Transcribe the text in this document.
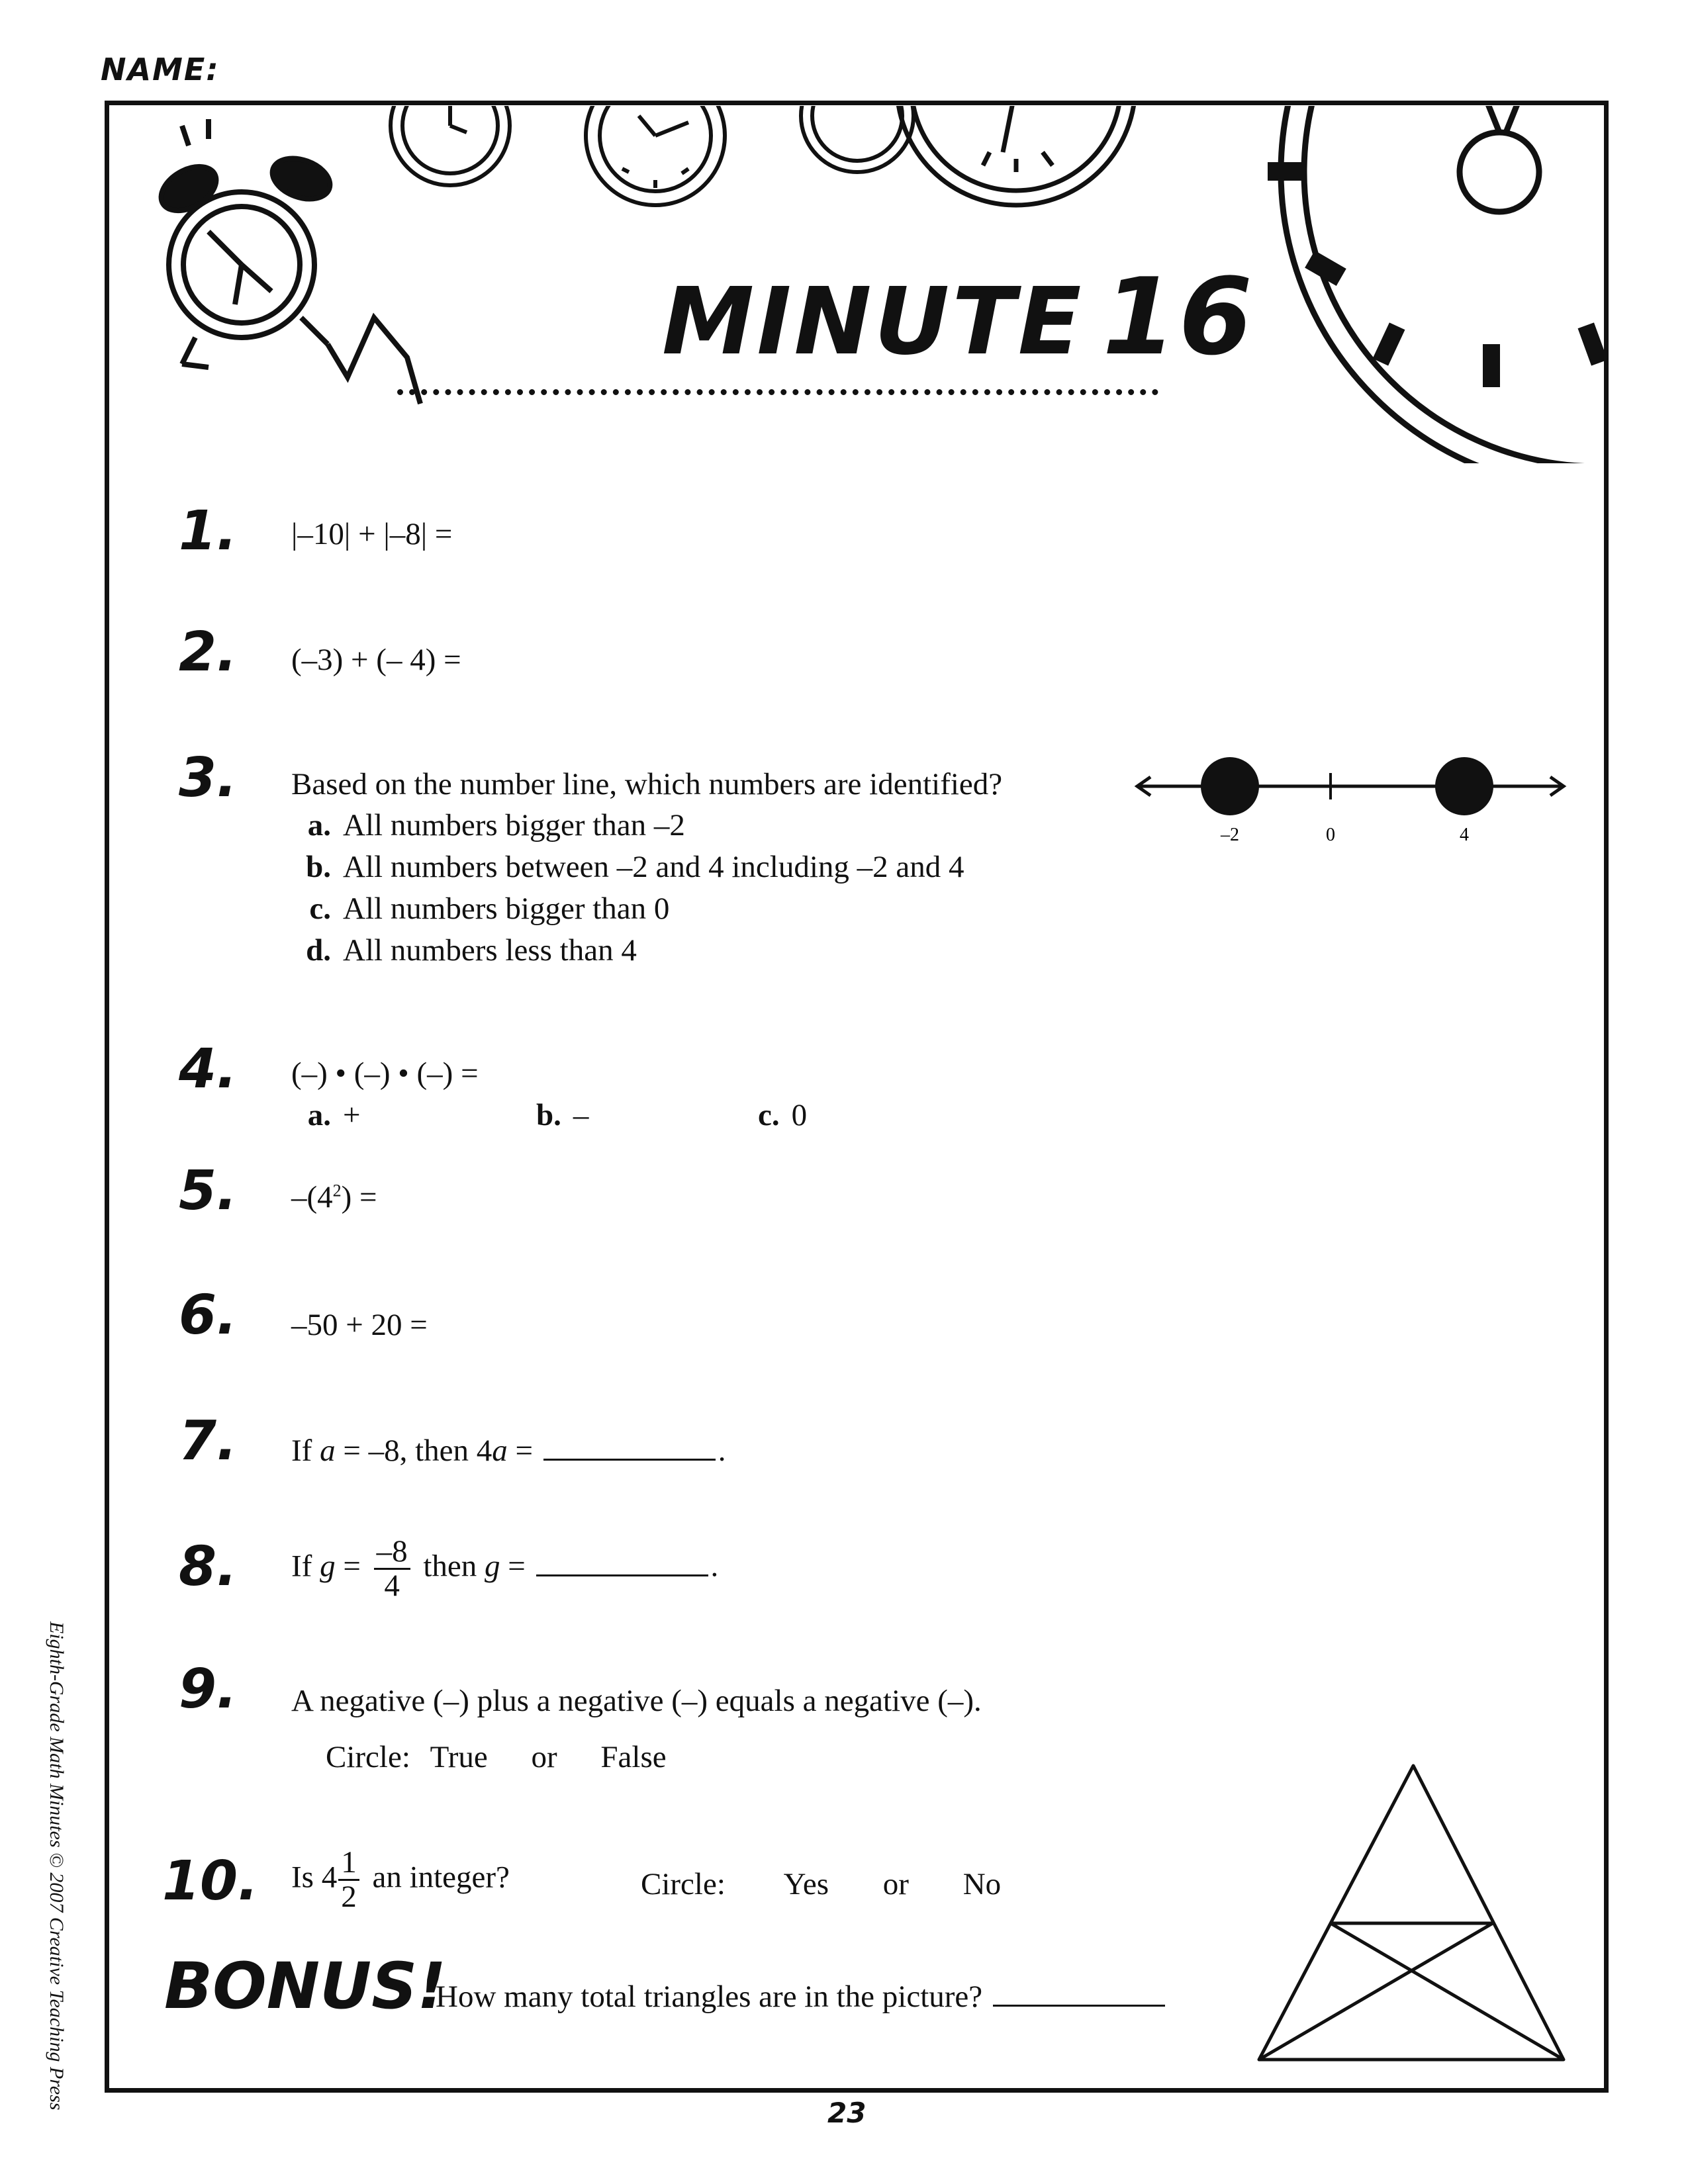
NAME:
MINUTE 16
1.	|–10| + |–8| =
2.	(–3) + (– 4) =
3.	Based on the number line, which numbers are identified?
a. All numbers bigger than –2
b. All numbers between –2 and 4 including –2 and 4
c. All numbers bigger than 0
d. All numbers less than 4
–2	0	4
4.	(–) • (–) • (–) =
a. +	b. –	c. 0
5.	$-(4^2)$ =
6.	–50 + 20 =
7.	If a = –8, then 4a =	.
8.	If $g = \frac{-8}{4}$ then g =	.
9.	A negative (–) plus a negative (–) equals a negative (–).
Circle: True or False
10.	Is $4 \frac{1}{2}$ an integer?	Circle: Yes or No
BONUS!
How many total triangles are in the picture?
23
Eighth-Grade Math Minutes © 2007 Creative Teaching Press
